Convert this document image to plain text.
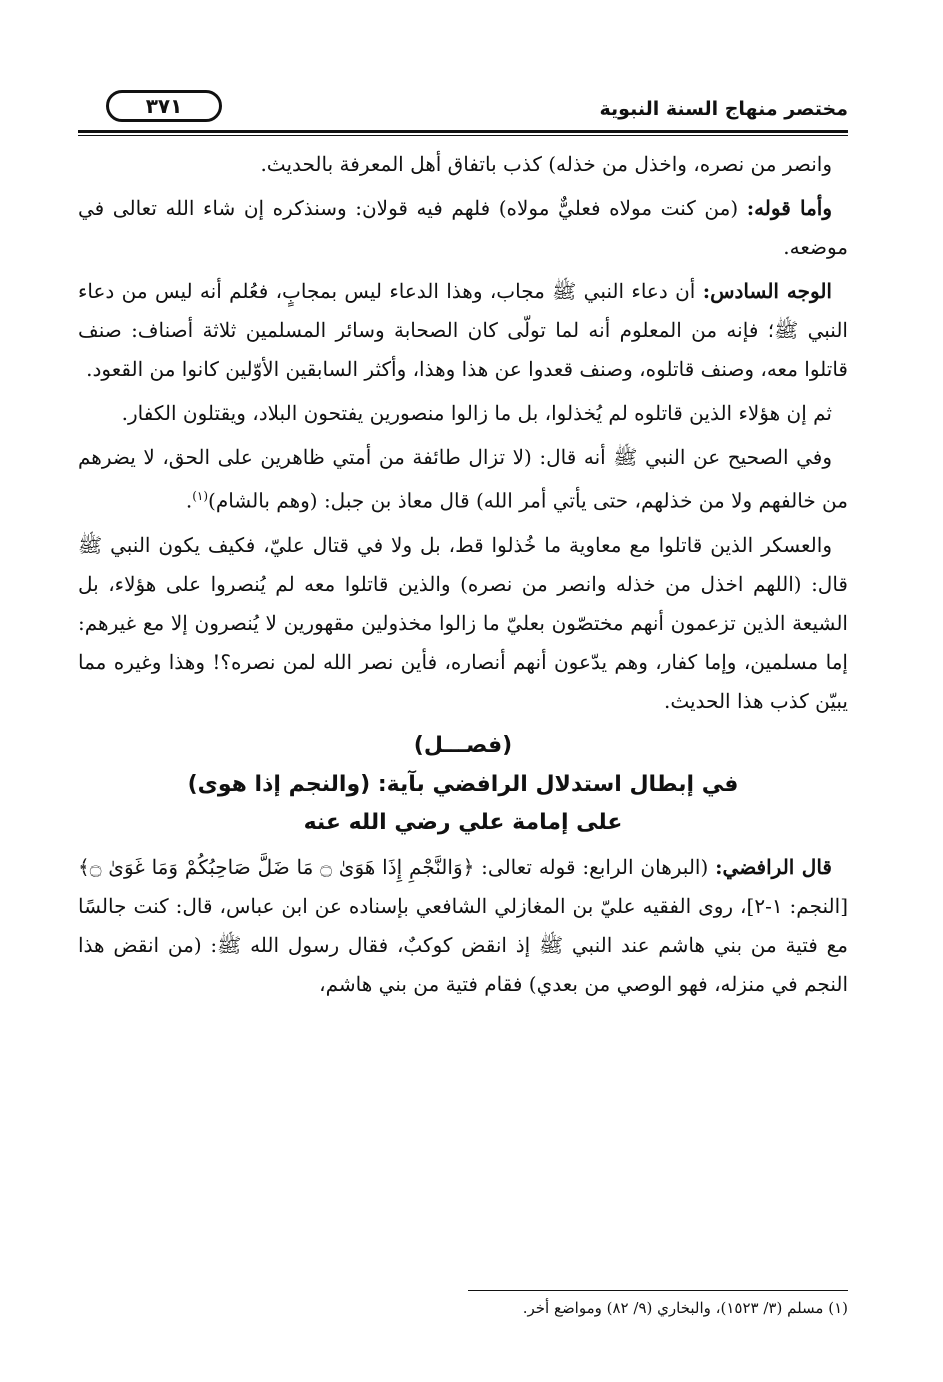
مختصر منهاج السنة النبوية
٣٧١

وانصر من نصره، واخذل من خذله) كذب باتفاق أهل المعرفة بالحديث.

وأما قوله: (من كنت مولاه فعليٌّ مولاه) فلهم فيه قولان: وسنذكره إن شاء الله تعالى في موضعه.

الوجه السادس: أن دعاء النبي ﷺ مجاب، وهذا الدعاء ليس بمجابٍ، فعُلم أنه ليس من دعاء النبي ﷺ؛ فإنه من المعلوم أنه لما تولّى كان الصحابة وسائر المسلمين ثلاثة أصناف: صنف قاتلوا معه، وصنف قاتلوه، وصنف قعدوا عن هذا وهذا، وأكثر السابقين الأوّلين كانوا من القعود.

ثم إن هؤلاء الذين قاتلوه لم يُخذلوا، بل ما زالوا منصورين يفتحون البلاد، ويقتلون الكفار.

وفي الصحيح عن النبي ﷺ أنه قال: (لا تزال طائفة من أمتي ظاهرين على الحق، لا يضرهم من خالفهم ولا من خذلهم، حتى يأتي أمر الله) قال معاذ بن جبل: (وهم بالشام)$^{(١)}$.

والعسكر الذين قاتلوا مع معاوية ما خُذلوا قط، بل ولا في قتال عليّ، فكيف يكون النبي ﷺ قال: (اللهم اخذل من خذله وانصر من نصره) والذين قاتلوا معه لم يُنصروا على هؤلاء، بل الشيعة الذين تزعمون أنهم مختصّون بعليّ ما زالوا مخذولين مقهورين لا يُنصرون إلا مع غيرهم: إما مسلمين، وإما كفار، وهم يدّعون أنهم أنصاره، فأين نصر الله لمن نصره؟! وهذا وغيره مما يبيّن كذب هذا الحديث.

(فصـــل)
في إبطال استدلال الرافضي بآية: (والنجم إذا هوى)
على إمامة علي رضي الله عنه

قال الرافضي: (البرهان الرابع: قوله تعالى: ﴿وَالنَّجْمِ إِذَا هَوَىٰ ۝ مَا ضَلَّ صَاحِبُكُمْ وَمَا غَوَىٰ ۝﴾ [النجم: ١-٢]، روى الفقيه عليّ بن المغازلي الشافعي بإسناده عن ابن عباس، قال: كنت جالسًا مع فتية من بني هاشم عند النبي ﷺ إذ انقض كوكبٌ، فقال رسول الله ﷺ: (من انقض هذا النجم في منزله، فهو الوصي من بعدي) فقام فتية من بني هاشم،

(١) مسلم (٣/ ١٥٢٣)، والبخاري (٩/ ٨٢) ومواضع أخر.
